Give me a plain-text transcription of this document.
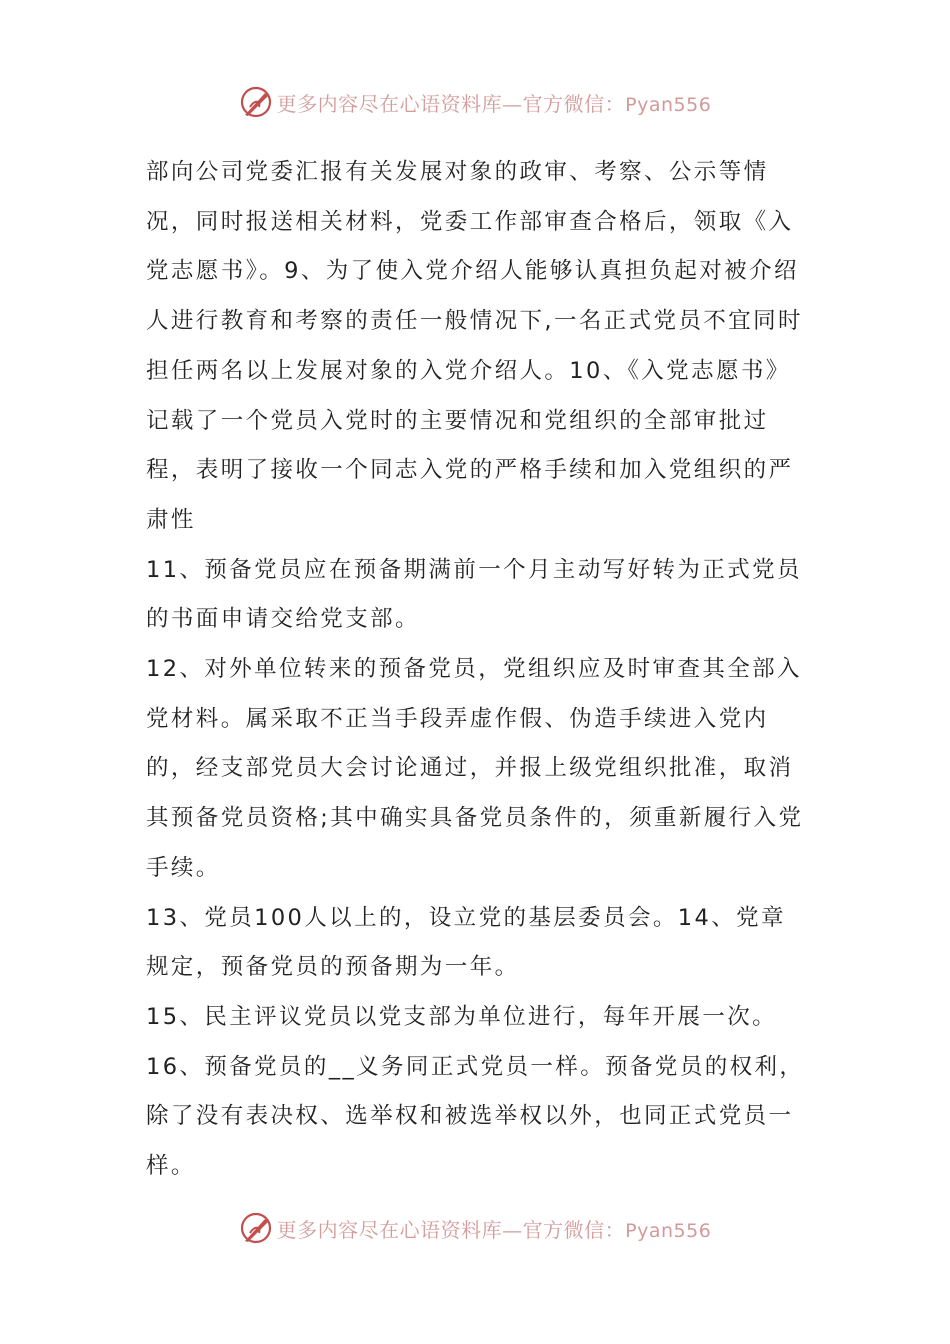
更多内容尽在心语资料库—官方微信：Pyan556

部向公司党委汇报有关发展对象的政审、考察、公示等情况，同时报送相关材料，党委工作部审查合格后，领取《入党志愿书》。9、为了使入党介绍人能够认真担负起对被介绍人进行教育和考察的责任一般情况下,一名正式党员不宜同时担任两名以上发展对象的入党介绍人。10、《入党志愿书》记载了一个党员入党时的主要情况和党组织的全部审批过程，表明了接收一个同志入党的严格手续和加入党组织的严肃性

11、预备党员应在预备期满前一个月主动写好转为正式党员的书面申请交给党支部。

12、对外单位转来的预备党员，党组织应及时审查其全部入党材料。属采取不正当手段弄虚作假、伪造手续进入党内的，经支部党员大会讨论通过，并报上级党组织批准，取消其预备党员资格;其中确实具备党员条件的，须重新履行入党手续。

13、党员100人以上的，设立党的基层委员会。14、党章规定，预备党员的预备期为一年。

15、民主评议党员以党支部为单位进行，每年开展一次。

16、预备党员的__义务同正式党员一样。预备党员的权利，除了没有表决权、选举权和被选举权以外，也同正式党员一样。

更多内容尽在心语资料库—官方微信：Pyan556
